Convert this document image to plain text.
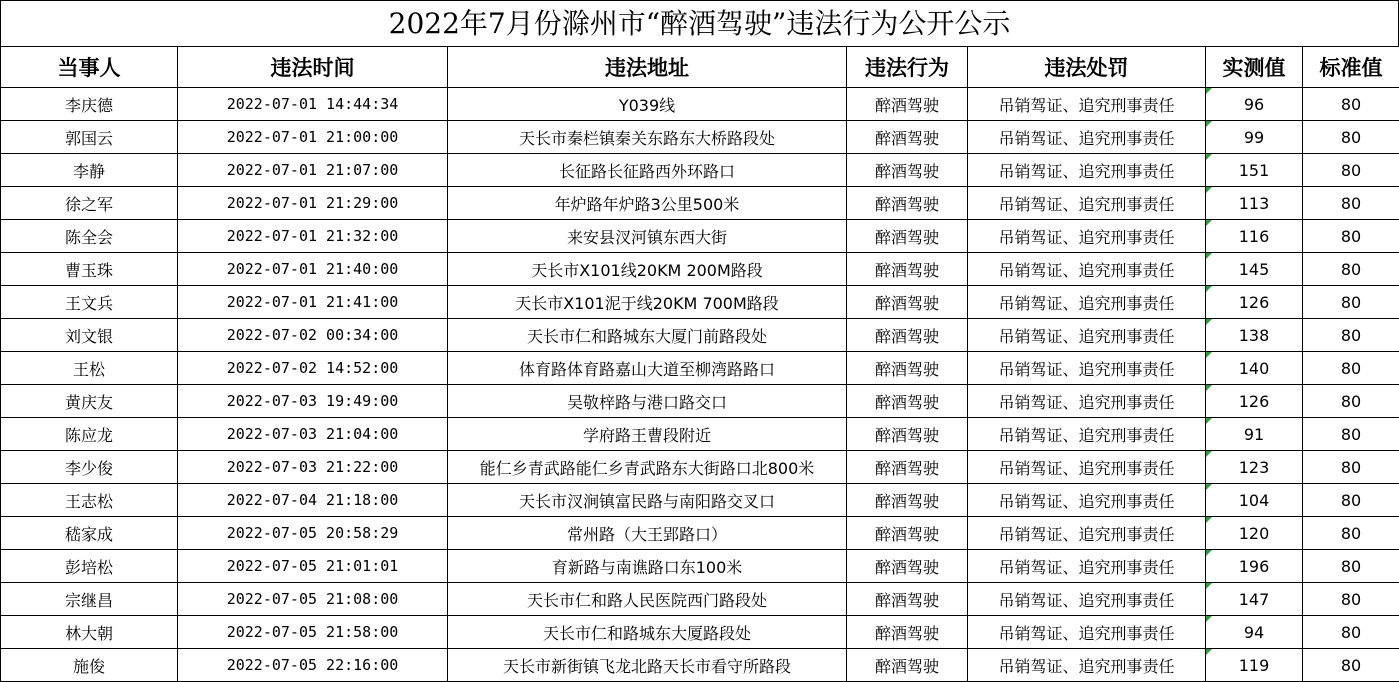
2022年7月份滁州市“醉酒驾驶”违法行为公开公示
当事人	违法时间	违法地址	违法行为	违法处罚	实测值	标准值
李庆德	2022-07-01 14:44:34	Y039线	醉酒驾驶	吊销驾证、追究刑事责任	96	80
郭国云	2022-07-01 21:00:00	天长市秦栏镇秦关东路东大桥路段处	醉酒驾驶	吊销驾证、追究刑事责任	99	80
李静	2022-07-01 21:07:00	长征路长征路西外环路口	醉酒驾驶	吊销驾证、追究刑事责任	151	80
徐之军	2022-07-01 21:29:00	年炉路年炉路3公里500米	醉酒驾驶	吊销驾证、追究刑事责任	113	80
陈全会	2022-07-01 21:32:00	来安县汊河镇东西大街	醉酒驾驶	吊销驾证、追究刑事责任	116	80
曹玉珠	2022-07-01 21:40:00	天长市X101线20KM 200M路段	醉酒驾驶	吊销驾证、追究刑事责任	145	80
王文兵	2022-07-01 21:41:00	天长市X101泥于线20KM 700M路段	醉酒驾驶	吊销驾证、追究刑事责任	126	80
刘文银	2022-07-02 00:34:00	天长市仁和路城东大厦门前路段处	醉酒驾驶	吊销驾证、追究刑事责任	138	80
王松	2022-07-02 14:52:00	体育路体育路嘉山大道至柳湾路路口	醉酒驾驶	吊销驾证、追究刑事责任	140	80
黄庆友	2022-07-03 19:49:00	吴敬梓路与港口路交口	醉酒驾驶	吊销驾证、追究刑事责任	126	80
陈应龙	2022-07-03 21:04:00	学府路王曹段附近	醉酒驾驶	吊销驾证、追究刑事责任	91	80
李少俊	2022-07-03 21:22:00	能仁乡青武路能仁乡青武路东大街路口北800米	醉酒驾驶	吊销驾证、追究刑事责任	123	80
王志松	2022-07-04 21:18:00	天长市汊涧镇富民路与南阳路交叉口	醉酒驾驶	吊销驾证、追究刑事责任	104	80
嵇家成	2022-07-05 20:58:29	常州路（大王郢路口）	醉酒驾驶	吊销驾证、追究刑事责任	120	80
彭培松	2022-07-05 21:01:01	育新路与南谯路口东100米	醉酒驾驶	吊销驾证、追究刑事责任	196	80
宗继昌	2022-07-05 21:08:00	天长市仁和路人民医院西门路段处	醉酒驾驶	吊销驾证、追究刑事责任	147	80
林大朝	2022-07-05 21:58:00	天长市仁和路城东大厦路段处	醉酒驾驶	吊销驾证、追究刑事责任	94	80
施俊	2022-07-05 22:16:00	天长市新街镇飞龙北路天长市看守所路段	醉酒驾驶	吊销驾证、追究刑事责任	119	80
